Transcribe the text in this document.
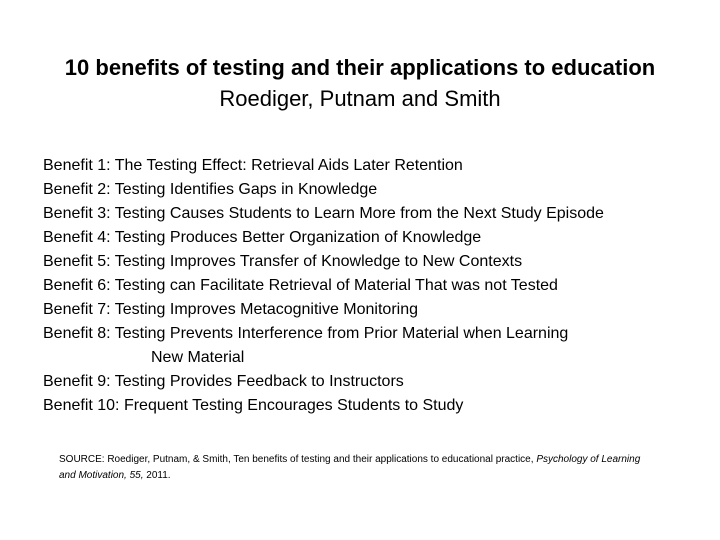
10 benefits of testing and their applications to education
Roediger, Putnam and Smith
Benefit 1: The Testing Effect: Retrieval Aids Later Retention
Benefit 2: Testing Identifies Gaps in Knowledge
Benefit 3: Testing Causes Students to Learn More from the Next Study Episode
Benefit 4: Testing Produces Better Organization of Knowledge
Benefit 5: Testing Improves Transfer of Knowledge to New Contexts
Benefit 6: Testing can Facilitate Retrieval of Material That was not Tested
Benefit 7: Testing Improves Metacognitive Monitoring
Benefit 8: Testing Prevents Interference from Prior Material when Learning
New Material
Benefit 9: Testing Provides Feedback to Instructors
Benefit 10: Frequent Testing Encourages Students to Study
SOURCE: Roediger, Putnam, & Smith, Ten benefits of testing and their applications to educational practice, Psychology of Learning and Motivation, 55, 2011.
